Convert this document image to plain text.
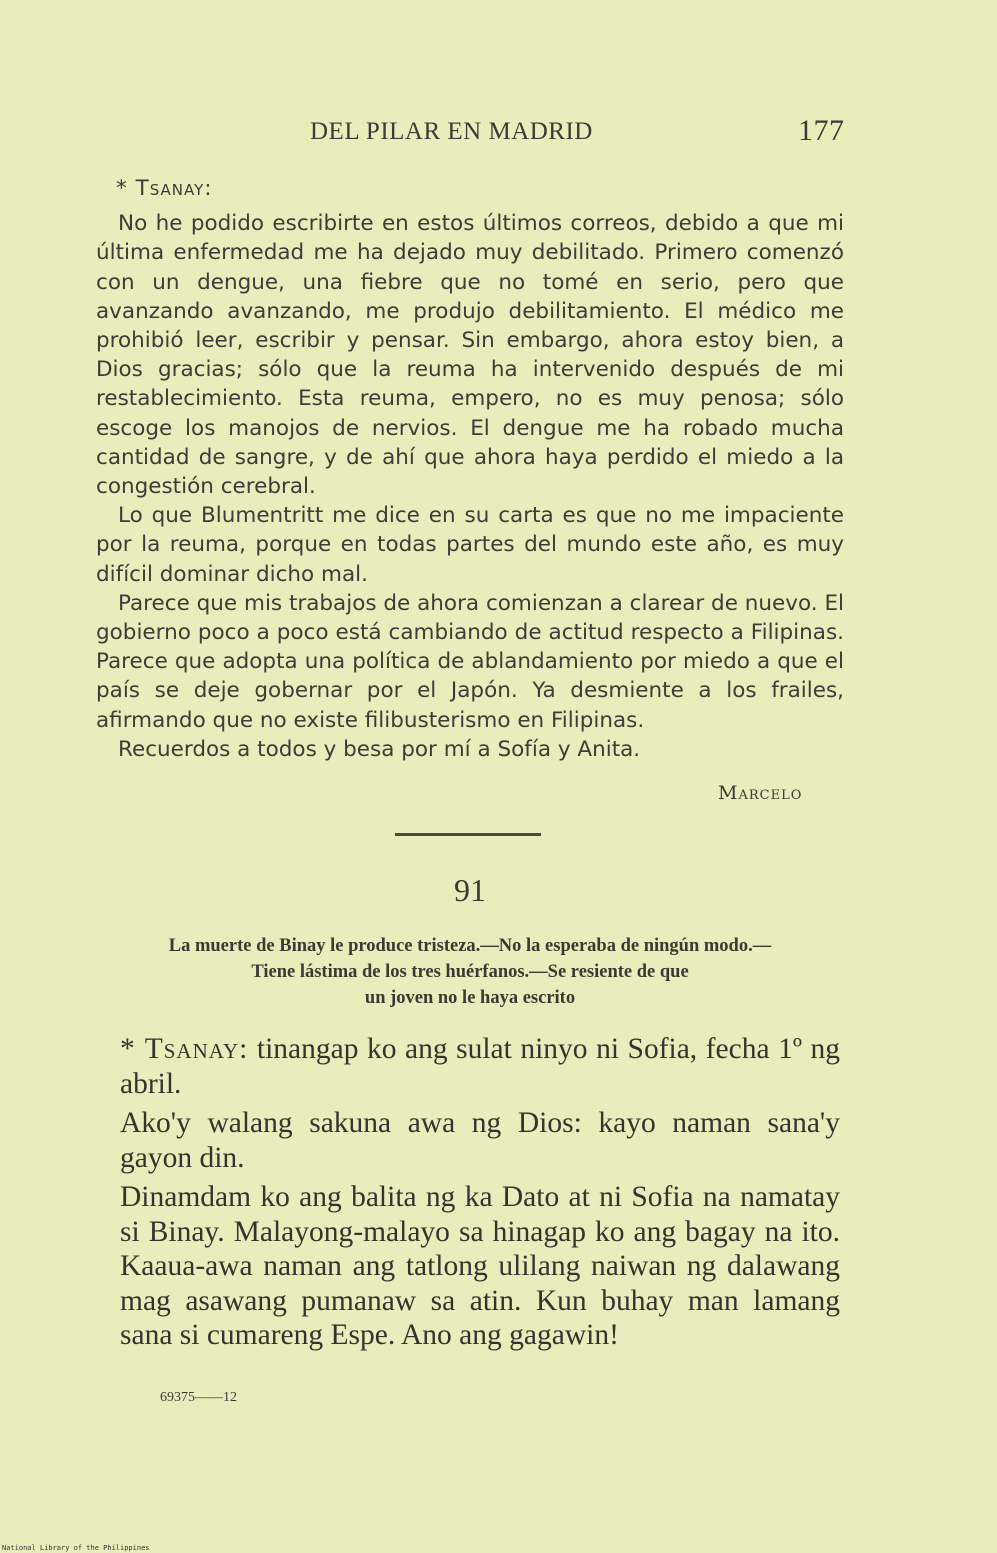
DEL PILAR EN MADRID	177
* Tsanay:

No he podido escribirte en estos últimos correos, debido a que mi última enfermedad me ha dejado muy debilitado. Primero comenzó con un dengue, una fiebre que no tomé en serio, pero que avanzando avanzando, me produjo debilitamiento. El médico me prohibió leer, escribir y pensar. Sin embargo, ahora estoy bien, a Dios gracias; sólo que la reuma ha intervenido después de mi restablecimiento. Esta reuma, empero, no es muy penosa; sólo escoge los manojos de nervios. El dengue me ha robado mucha cantidad de sangre, y de ahí que ahora haya perdido el miedo a la congestión cerebral.

Lo que Blumentritt me dice en su carta es que no me impaciente por la reuma, porque en todas partes del mundo este año, es muy difícil dominar dicho mal.

Parece que mis trabajos de ahora comienzan a clarear de nuevo. El gobierno poco a poco está cambiando de actitud respecto a Filipinas. Parece que adopta una política de ablandamiento por miedo a que el país se deje gobernar por el Japón. Ya desmiente a los frailes, afirmando que no existe filibusterismo en Filipinas.

Recuerdos a todos y besa por mí a Sofía y Anita.

Marcelo
91
La muerte de Binay le produce tristeza.—No la esperaba de ningún modo.—
Tiene lástima de los tres huérfanos.—Se resiente de que
un joven no le haya escrito

* Tsanay: tinangap ko ang sulat ninyo ni Sofia, fecha 1º ng abril.

Ako'y walang sakuna awa ng Dios: kayo naman sana'y gayon din.

Dinamdam ko ang balita ng ka Dato at ni Sofia na namatay si Binay. Malayong-malayo sa hinagap ko ang bagay na ito. Kaaua-awa naman ang tatlong ulilang naiwan ng dalawang mag asawang pumanaw sa atin. Kun buhay man lamang sana si cumareng Espe. Ano ang gagawin!

69375——12
National Library of the Philippines
